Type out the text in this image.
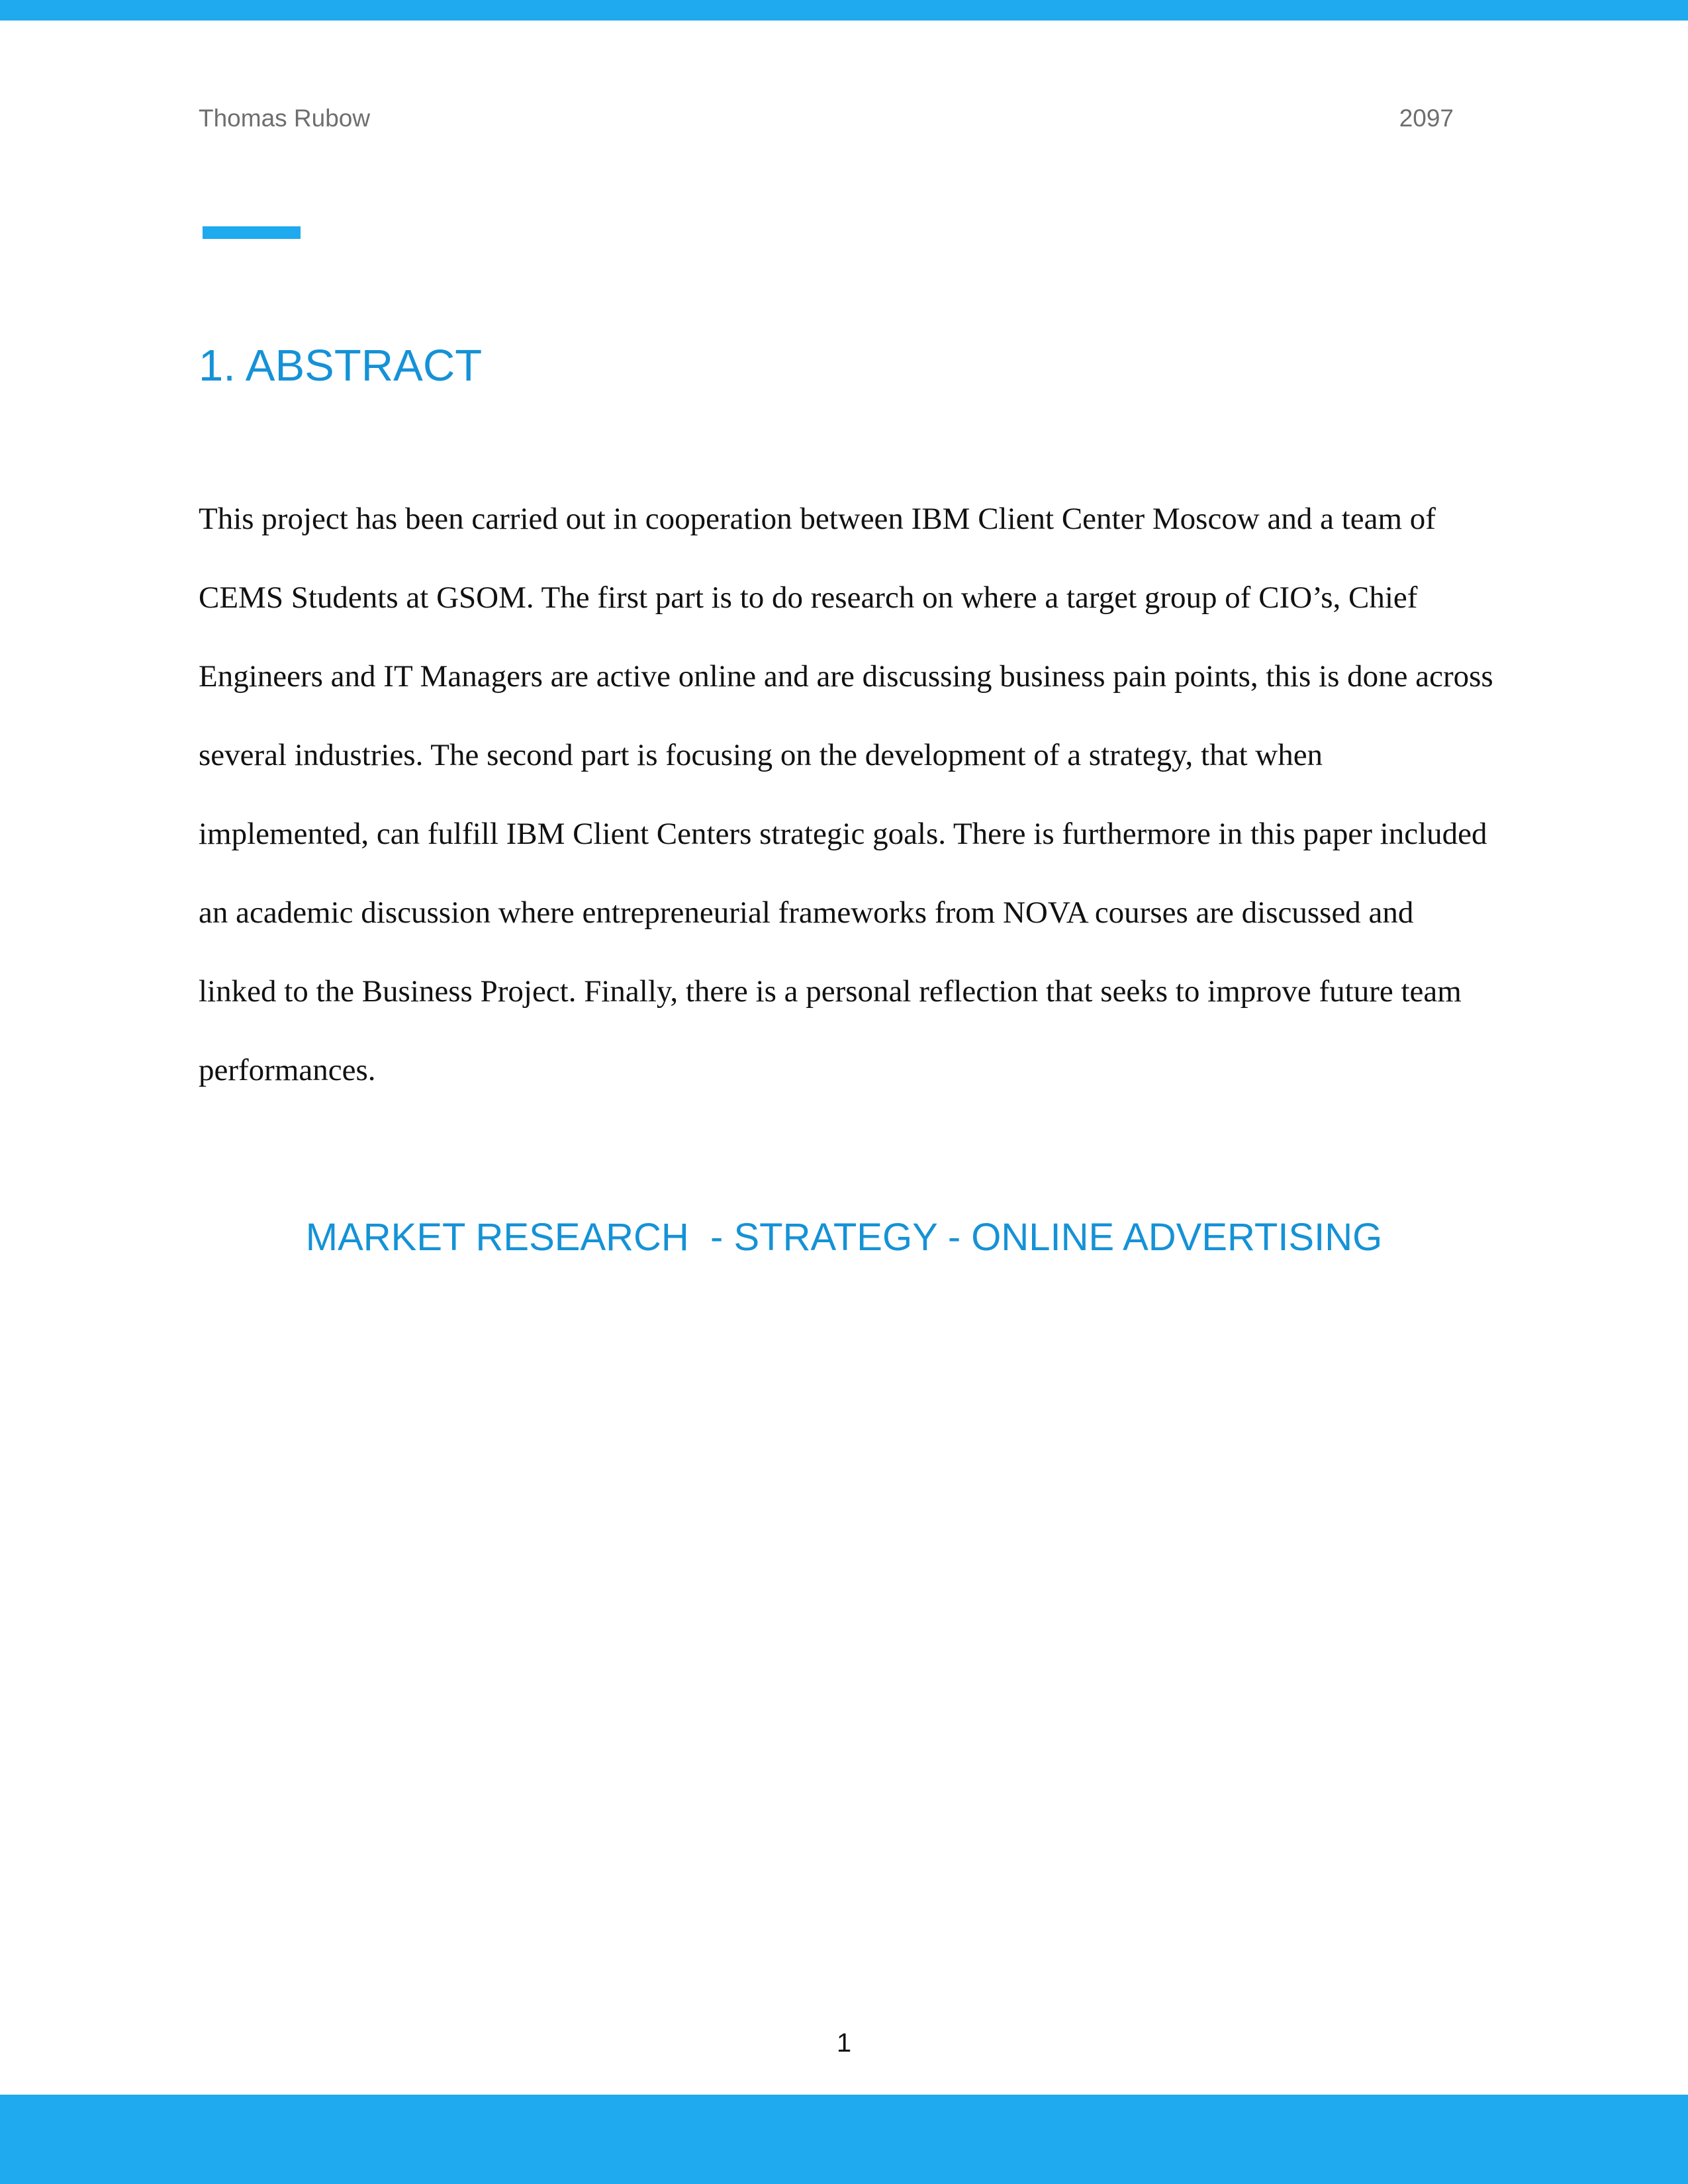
Thomas Rubow	2097
1. ABSTRACT

This project has been carried out in cooperation between IBM Client Center Moscow and a team of CEMS Students at GSOM. The first part is to do research on where a target group of CIO’s, Chief Engineers and IT Managers are active online and are discussing business pain points, this is done across several industries. The second part is focusing on the development of a strategy, that when implemented, can fulfill IBM Client Centers strategic goals. There is furthermore in this paper included an academic discussion where entrepreneurial frameworks from NOVA courses are discussed and linked to the Business Project. Finally, there is a personal reflection that seeks to improve future team performances.

MARKET RESEARCH  - STRATEGY - ONLINE ADVERTISING
1
